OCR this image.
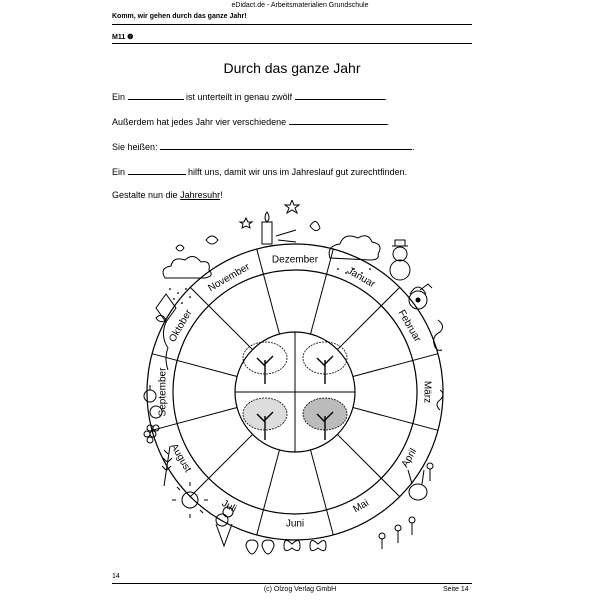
eDidact.de - Arbeitsmaterialien Grundschule
Komm, wir gehen durch das ganze Jahr!
M11 ❷
Durch das ganze Jahr
Ein	ist unterteilt in genau zwölf	.
Außerdem hat jedes Jahr vier verschiedene	.
Sie heißen:	.
Ein	hilft uns, damit wir uns im Jahreslauf gut zurechtfinden.
Gestalte nun die Jahresuhr!
Dezember
Januar
Februar
März
April
Mai
Juni
Juli
August
September
Oktober
November
14
(c) Olzog Verlag GmbH	Seite 14
